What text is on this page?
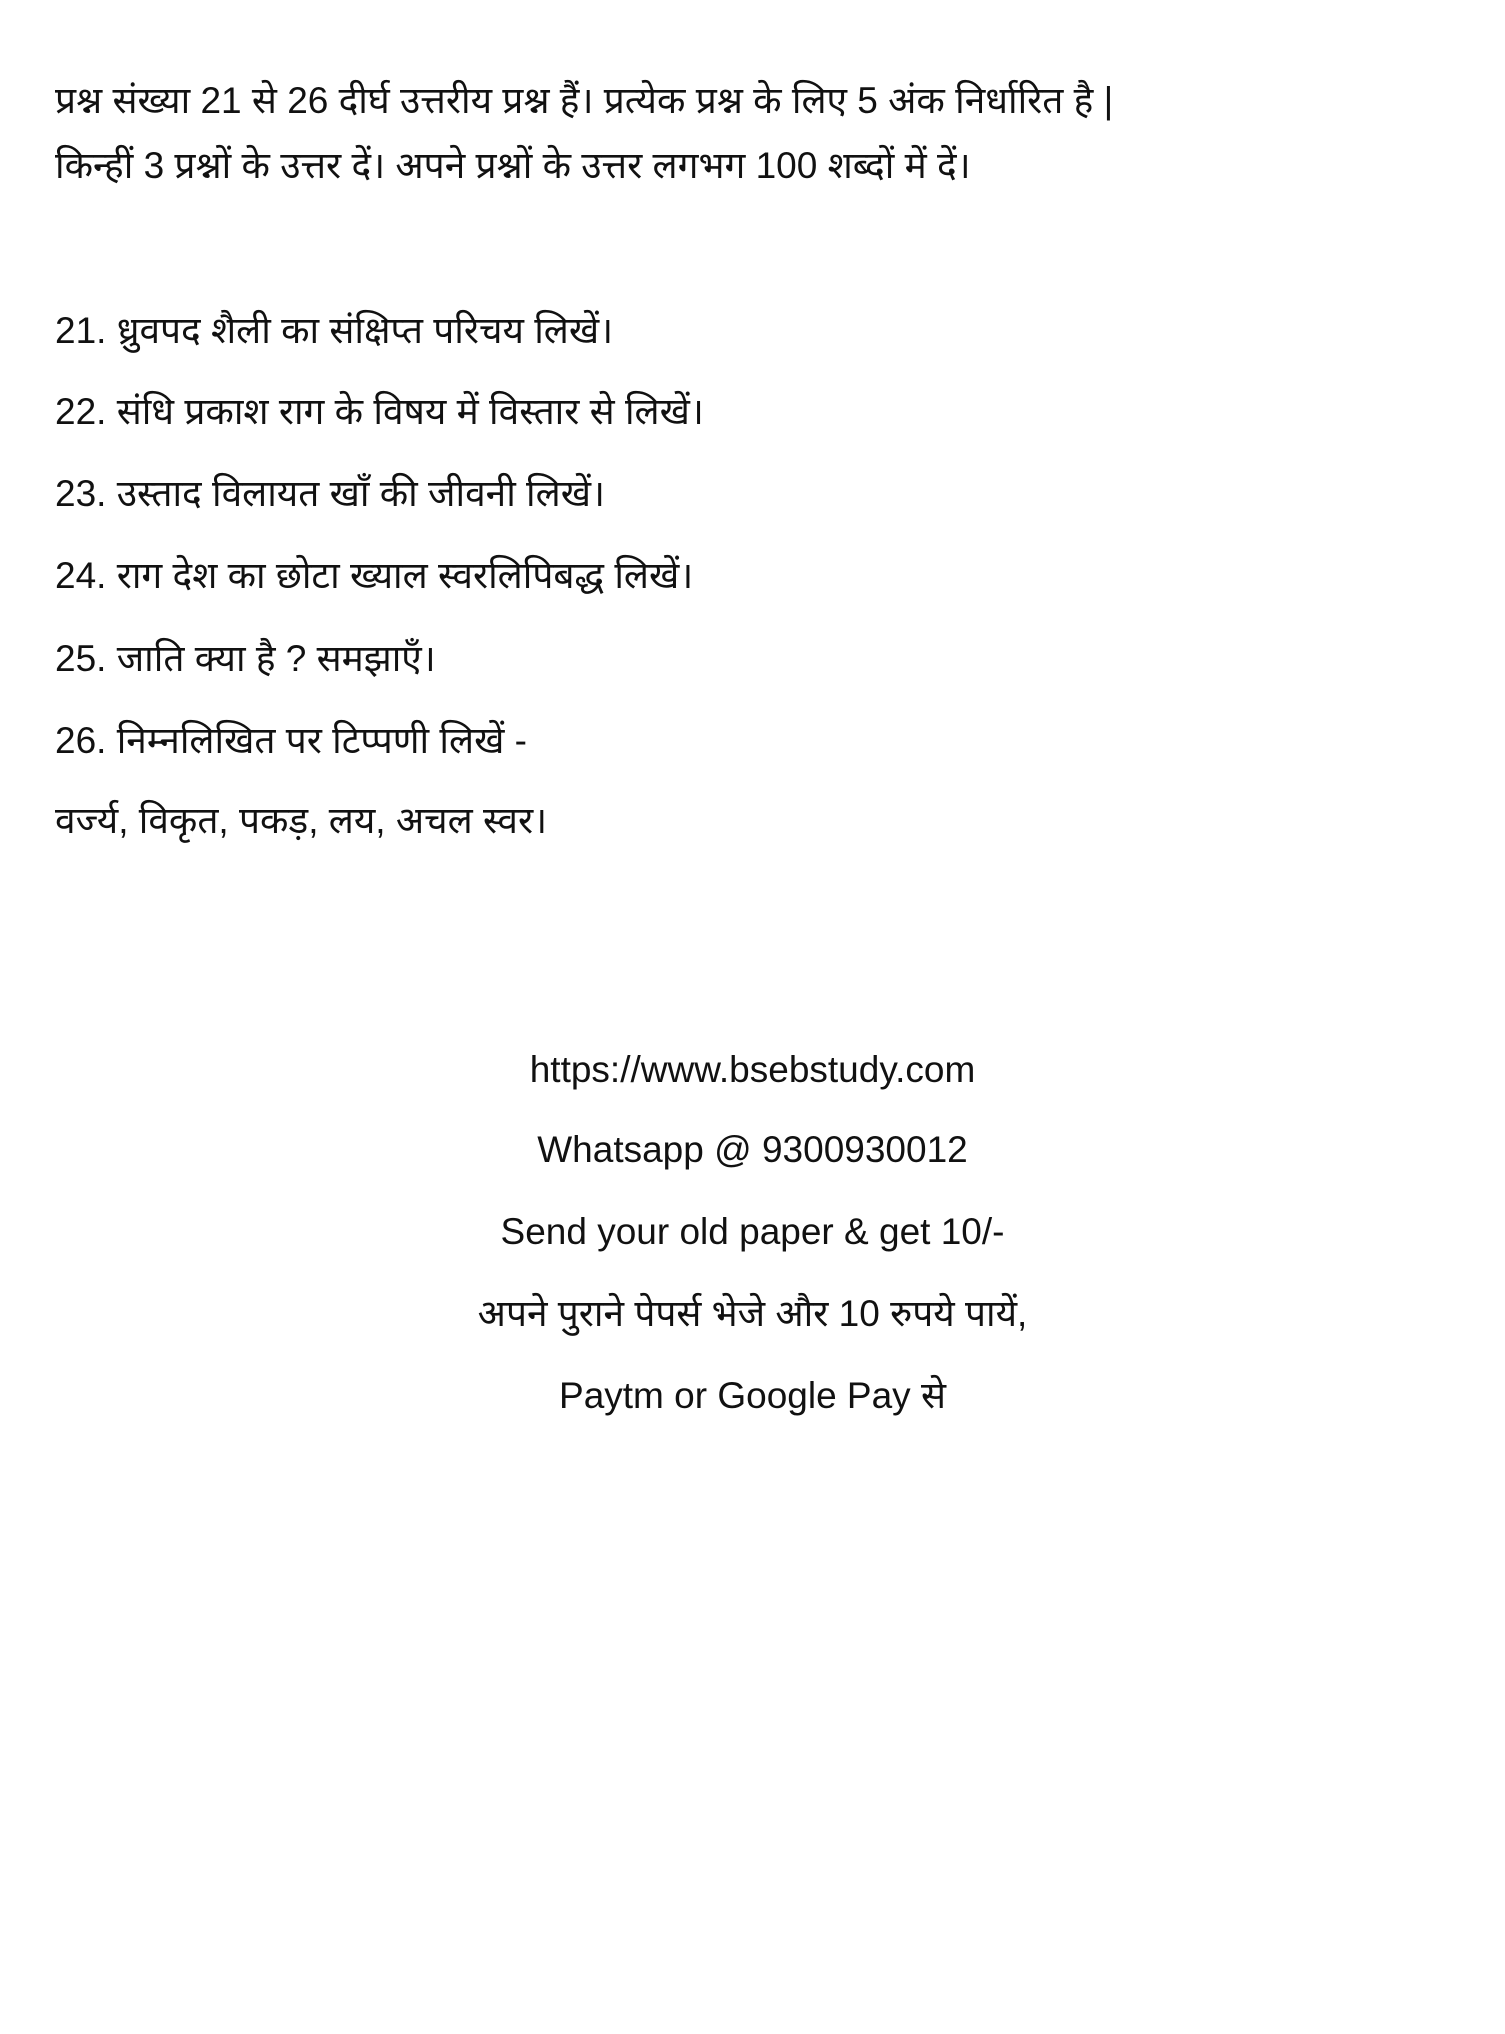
प्रश्न संख्या 21 से 26 दीर्घ उत्तरीय प्रश्न हैं। प्रत्येक प्रश्न के लिए 5 अंक निर्धारित है |
किन्हीं 3 प्रश्नों के उत्तर दें। अपने प्रश्नों के उत्तर लगभग 100 शब्दों में दें।
21. ध्रुवपद शैली का संक्षिप्त परिचय लिखें।
22. संधि प्रकाश राग के विषय में विस्तार से लिखें।
23. उस्ताद विलायत खाँ की जीवनी लिखें।
24. राग देश का छोटा ख्याल स्वरलिपिबद्ध लिखें।
25. जाति क्या है ? समझाएँ।
26. निम्नलिखित पर टिप्पणी लिखें -
वर्ज्य, विकृत, पकड़, लय, अचल स्वर।
https://www.bsebstudy.com
Whatsapp @ 9300930012
Send your old paper & get 10/-
अपने पुराने पेपर्स भेजे और 10 रुपये पायें,
Paytm or Google Pay से
